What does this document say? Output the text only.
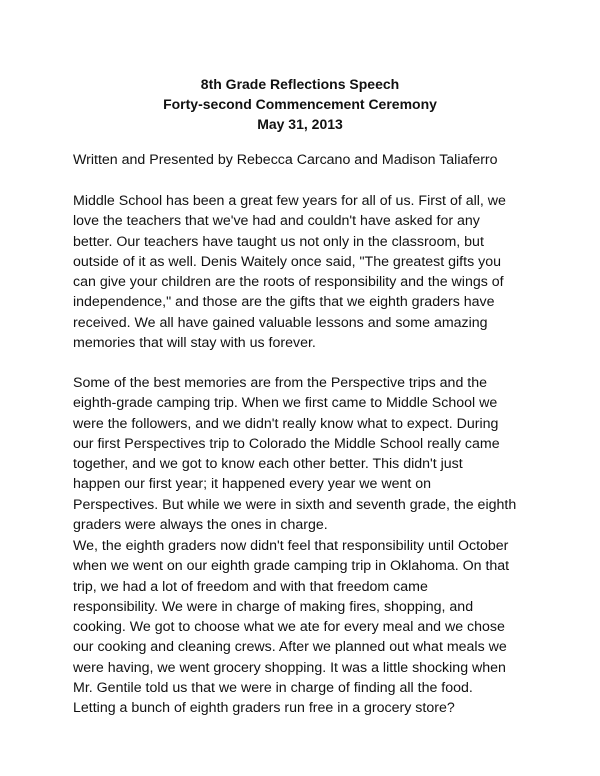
8th Grade Reflections Speech
Forty-second Commencement Ceremony
May 31, 2013
Written and Presented by Rebecca Carcano and Madison Taliaferro
Middle School has been a great few years for all of us. First of all, we
love the teachers that we've had and couldn't have asked for any
better. Our teachers have taught us not only in the classroom, but
outside of it as well. Denis Waitely once said, "The greatest gifts you
can give your children are the roots of responsibility and the wings of
independence," and those are the gifts that we eighth graders have
received. We all have gained valuable lessons and some amazing
memories that will stay with us forever.
Some of the best memories are from the Perspective trips and the
eighth-grade camping trip. When we first came to Middle School we
were the followers, and we didn't really know what to expect. During
our first Perspectives trip to Colorado the Middle School really came
together, and we got to know each other better. This didn't just
happen our first year; it happened every year we went on
Perspectives. But while we were in sixth and seventh grade, the eighth
graders were always the ones in charge.
We, the eighth graders now didn't feel that responsibility until October
when we went on our eighth grade camping trip in Oklahoma. On that
trip, we had a lot of freedom and with that freedom came
responsibility. We were in charge of making fires, shopping, and
cooking. We got to choose what we ate for every meal and we chose
our cooking and cleaning crews. After we planned out what meals we
were having, we went grocery shopping. It was a little shocking when
Mr. Gentile told us that we were in charge of finding all the food.
Letting a bunch of eighth graders run free in a grocery store?
